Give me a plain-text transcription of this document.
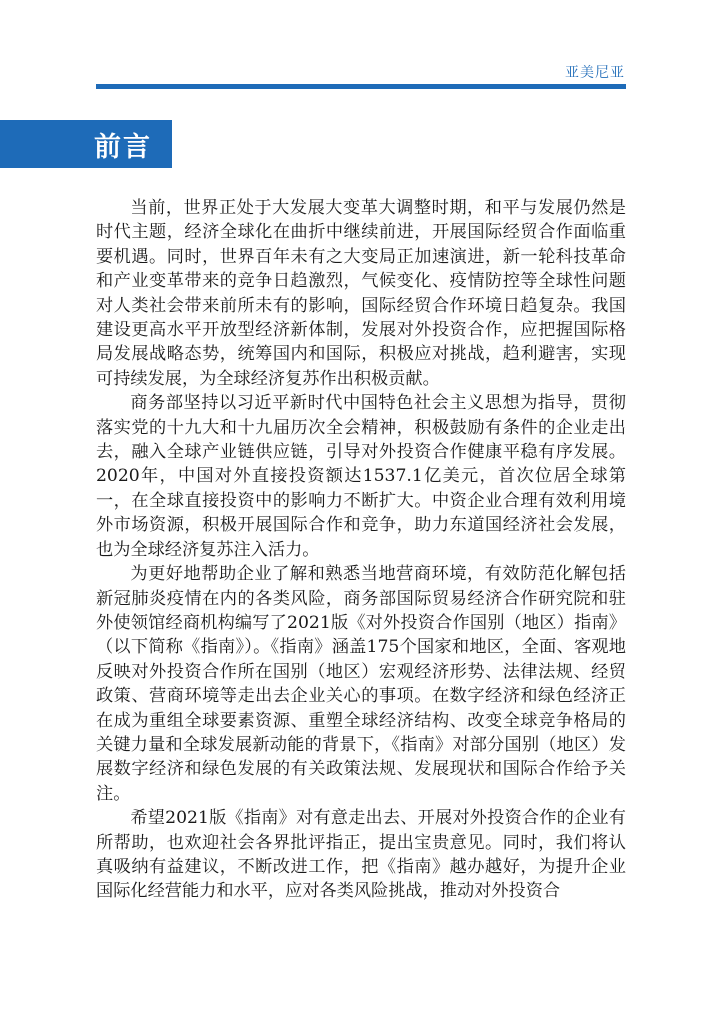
亚美尼亚
前言

当前，世界正处于大发展大变革大调整时期，和平与发展仍然是时代主题，经济全球化在曲折中继续前进，开展国际经贸合作面临重要机遇。同时，世界百年未有之大变局正加速演进，新一轮科技革命和产业变革带来的竞争日趋激烈，气候变化、疫情防控等全球性问题对人类社会带来前所未有的影响，国际经贸合作环境日趋复杂。我国建设更高水平开放型经济新体制，发展对外投资合作，应把握国际格局发展战略态势，统筹国内和国际，积极应对挑战，趋利避害，实现可持续发展，为全球经济复苏作出积极贡献。

商务部坚持以习近平新时代中国特色社会主义思想为指导，贯彻落实党的十九大和十九届历次全会精神，积极鼓励有条件的企业走出去，融入全球产业链供应链，引导对外投资合作健康平稳有序发展。2020年，中国对外直接投资额达1537.1亿美元，首次位居全球第一，在全球直接投资中的影响力不断扩大。中资企业合理有效利用境外市场资源，积极开展国际合作和竞争，助力东道国经济社会发展，也为全球经济复苏注入活力。

为更好地帮助企业了解和熟悉当地营商环境，有效防范化解包括新冠肺炎疫情在内的各类风险，商务部国际贸易经济合作研究院和驻外使领馆经商机构编写了2021版《对外投资合作国别（地区）指南》（以下简称《指南》）。《指南》涵盖175个国家和地区，全面、客观地反映对外投资合作所在国别（地区）宏观经济形势、法律法规、经贸政策、营商环境等走出去企业关心的事项。在数字经济和绿色经济正在成为重组全球要素资源、重塑全球经济结构、改变全球竞争格局的关键力量和全球发展新动能的背景下，《指南》对部分国别（地区）发展数字经济和绿色发展的有关政策法规、发展现状和国际合作给予关注。

希望2021版《指南》对有意走出去、开展对外投资合作的企业有所帮助，也欢迎社会各界批评指正，提出宝贵意见。同时，我们将认真吸纳有益建议，不断改进工作，把《指南》越办越好，为提升企业国际化经营能力和水平，应对各类风险挑战，推动对外投资合
